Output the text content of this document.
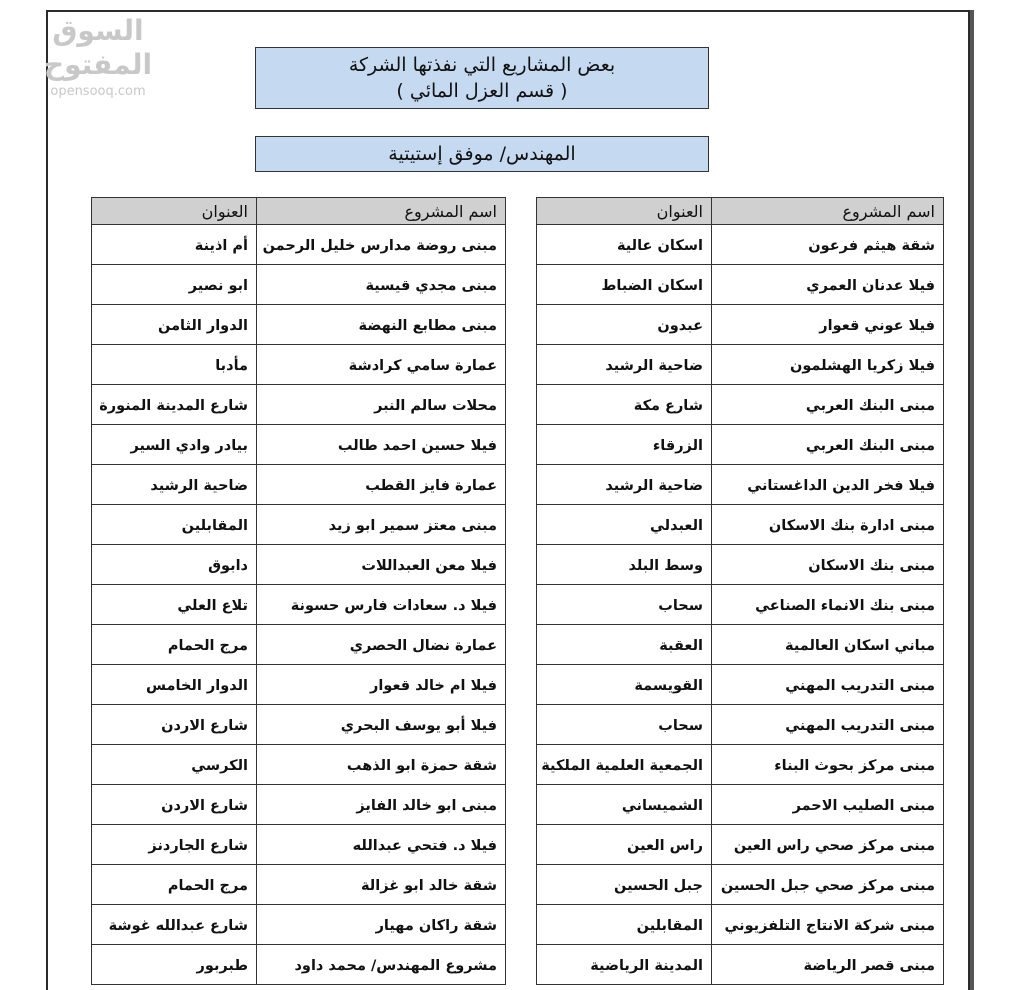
السوق المفتوح
opensooq.com
بعض المشاريع التي نفذتها الشركة
( قسم العزل المائي )
المهندس/ موفق إستيتية
اسم المشروع	العنوان
شقة هيثم فرعون	اسكان عالية
فيلا عدنان العمري	اسكان الضباط
فيلا عوني قعوار	عبدون
فيلا زكريا الهشلمون	ضاحية الرشيد
مبنى البنك العربي	شارع مكة
مبنى البنك العربي	الزرقاء
فيلا فخر الدين الداغستاني	ضاحية الرشيد
مبنى ادارة بنك الاسكان	العبدلي
مبنى بنك الاسكان	وسط البلد
مبنى بنك الانماء الصناعي	سحاب
مباني اسكان العالمية	العقبة
مبنى التدريب المهني	القويسمة
مبنى التدريب المهني	سحاب
مبنى مركز بحوث البناء	الجمعية العلمية الملكية
مبنى الصليب الاحمر	الشميساني
مبنى مركز صحي راس العين	راس العين
مبنى مركز صحي جبل الحسين	جبل الحسين
مبنى شركة الانتاج التلفزيوني	المقابلين
مبنى قصر الرياضة	المدينة الرياضية
اسم المشروع	العنوان
مبنى روضة مدارس خليل الرحمن	أم اذينة
مبنى مجدي قيسية	ابو نصير
مبنى مطابع النهضة	الدوار الثامن
عمارة سامي كرادشة	مأدبا
محلات سالم النبر	شارع المدينة المنورة
فيلا حسين احمد طالب	بيادر وادي السير
عمارة فايز القطب	ضاحية الرشيد
مبنى معتز سمير ابو زيد	المقابلين
فيلا معن العبداللات	دابوق
فيلا د. سعادات فارس حسونة	تلاع العلي
عمارة نضال الحصري	مرج الحمام
فيلا ام خالد قعوار	الدوار الخامس
فيلا أبو يوسف البحري	شارع الاردن
شقة حمزة ابو الذهب	الكرسي
مبنى ابو خالد الفايز	شارع الاردن
فيلا د. فتحي عبدالله	شارع الجاردنز
شقة خالد ابو غزالة	مرج الحمام
شقة راكان مهيار	شارع عبدالله غوشة
مشروع المهندس/ محمد داود	طبربور
